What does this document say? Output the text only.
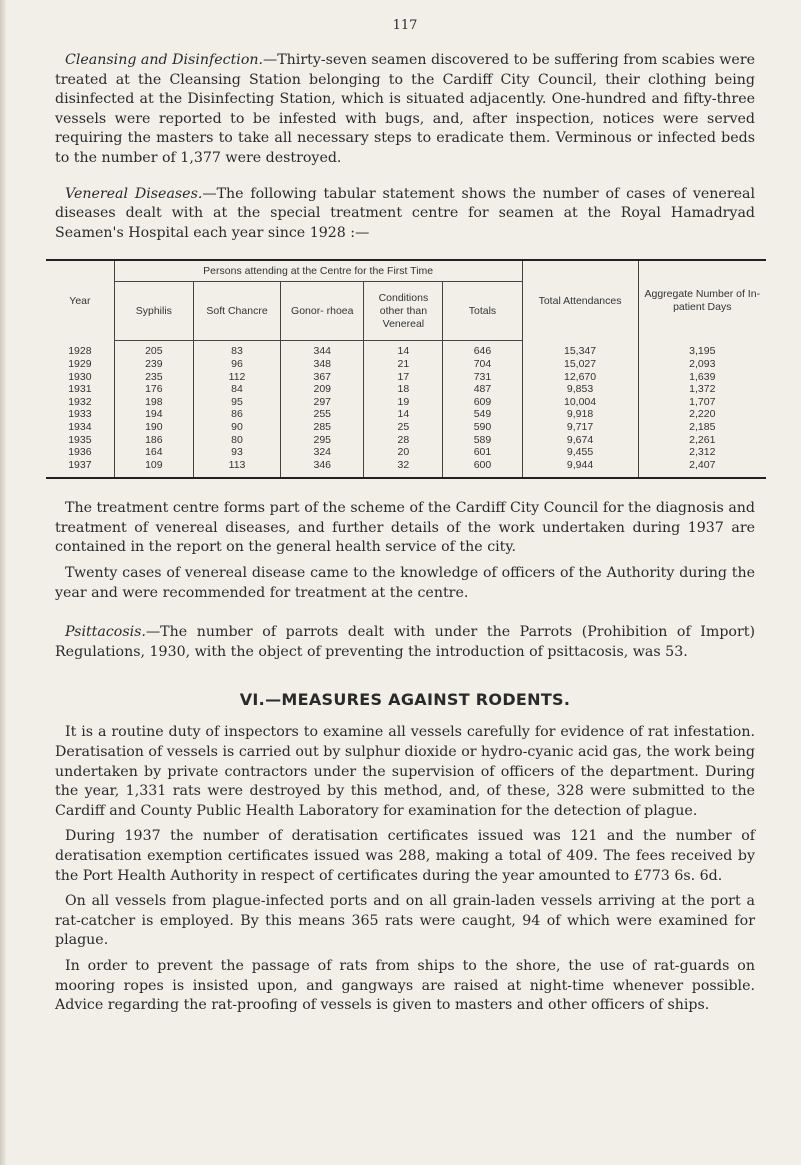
117

Cleansing and Disinfection.—Thirty-seven seamen discovered to be suffering from scabies were treated at the Cleansing Station belonging to the Cardiff City Council, their clothing being disinfected at the Disinfecting Station, which is situated adjacently. One-hundred and fifty-three vessels were reported to be infested with bugs, and, after inspection, notices were served requiring the masters to take all necessary steps to eradicate them. Verminous or infected beds to the number of 1,377 were destroyed.

Venereal Diseases.—The following tabular statement shows the number of cases of venereal diseases dealt with at the special treatment centre for seamen at the Royal Hamadryad Seamen's Hospital each year since 1928 :—

Year	Persons attending at the Centre for the First Time					Total Attendances	Aggregate Number of In-patient Days
	Syphilis	Soft Chancre	Gonor- rhoea	Conditions other than Venereal	Totals		
1928	205	83	344	14	646	15,347	3,195
1929	239	96	348	21	704	15,027	2,093
1930	235	112	367	17	731	12,670	1,639
1931	176	84	209	18	487	9,853	1,372
1932	198	95	297	19	609	10,004	1,707
1933	194	86	255	14	549	9,918	2,220
1934	190	90	285	25	590	9,717	2,185
1935	186	80	295	28	589	9,674	2,261
1936	164	93	324	20	601	9,455	2,312
1937	109	113	346	32	600	9,944	2,407

The treatment centre forms part of the scheme of the Cardiff City Council for the diagnosis and treatment of venereal diseases, and further details of the work undertaken during 1937 are contained in the report on the general health service of the city.

Twenty cases of venereal disease came to the knowledge of officers of the Authority during the year and were recommended for treatment at the centre.

Psittacosis.—The number of parrots dealt with under the Parrots (Prohibition of Import) Regulations, 1930, with the object of preventing the introduction of psittacosis, was 53.

VI.—MEASURES AGAINST RODENTS.

It is a routine duty of inspectors to examine all vessels carefully for evidence of rat infestation. Deratisation of vessels is carried out by sulphur dioxide or hydro-cyanic acid gas, the work being undertaken by private contractors under the supervision of officers of the department. During the year, 1,331 rats were destroyed by this method, and, of these, 328 were submitted to the Cardiff and County Public Health Laboratory for examination for the detection of plague.

During 1937 the number of deratisation certificates issued was 121 and the number of deratisation exemption certificates issued was 288, making a total of 409. The fees received by the Port Health Authority in respect of certificates during the year amounted to £773 6s. 6d.

On all vessels from plague-infected ports and on all grain-laden vessels arriving at the port a rat-catcher is employed. By this means 365 rats were caught, 94 of which were examined for plague.

In order to prevent the passage of rats from ships to the shore, the use of rat-guards on mooring ropes is insisted upon, and gangways are raised at night-time whenever possible. Advice regarding the rat-proofing of vessels is given to masters and other officers of ships.
